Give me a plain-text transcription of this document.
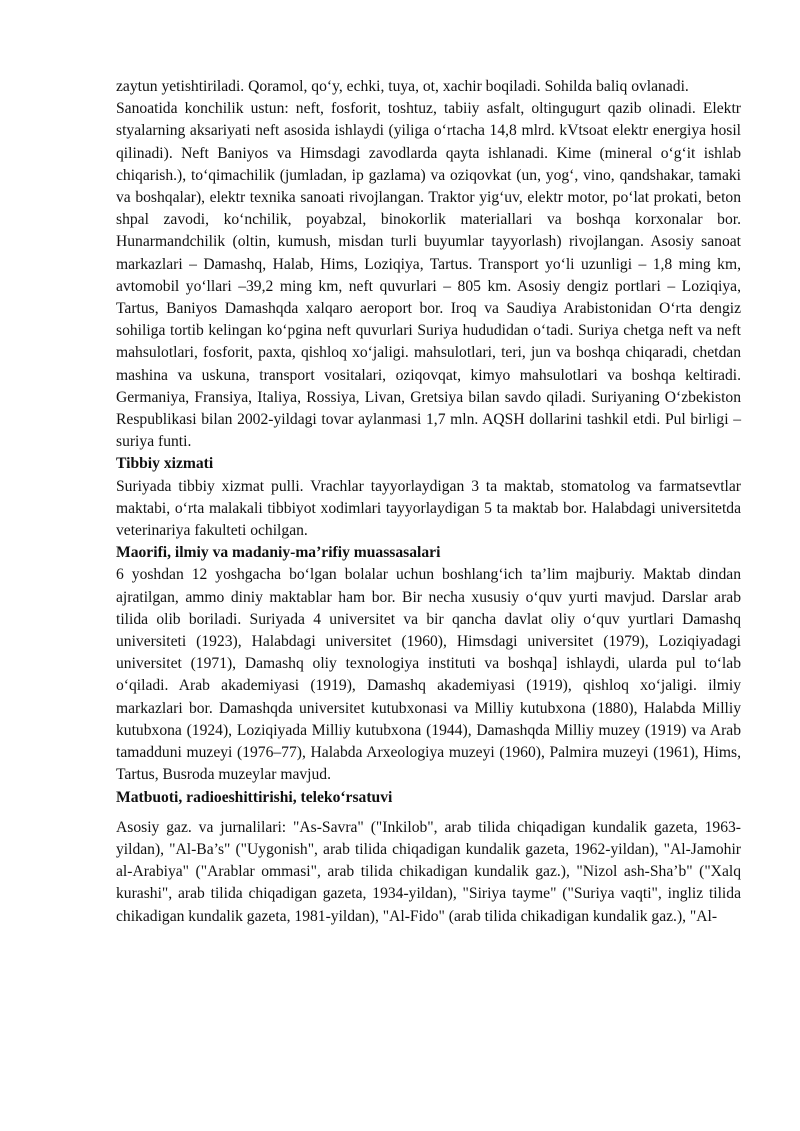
zaytun yetishtiriladi. Qoramol, qo‘y, echki, tuya, ot, xachir boqiladi. Sohilda baliq ovlanadi.

Sanoatida konchilik ustun: neft, fosforit, toshtuz, tabiiy asfalt, oltingugurt qazib olinadi. Elektr styalarning aksariyati neft asosida ishlaydi (yiliga o‘rtacha 14,8 mlrd. kVtsoat elektr energiya hosil qilinadi). Neft Baniyos va Himsdagi zavodlarda qayta ishlanadi. Kime (mineral o‘g‘it ishlab chiqarish.), to‘qimachilik (jumladan, ip gazlama) va oziqovkat (un, yog‘, vino, qandshakar, tamaki va boshqalar), elektr texnika sanoati rivojlangan. Traktor yig‘uv, elektr motor, po‘lat prokati, beton shpal zavodi, ko‘nchilik, poyabzal, binokorlik materiallari va boshqa korxonalar bor. Hunarmandchilik (oltin, kumush, misdan turli buyumlar tayyorlash) rivojlangan. Asosiy sanoat markazlari – Damashq, Halab, Hims, Loziqiya, Tartus. Transport yo‘li uzunligi – 1,8 ming km, avtomobil yo‘llari –39,2 ming km, neft quvurlari – 805 km. Asosiy dengiz portlari – Loziqiya, Tartus, Baniyos Damashqda xalqaro aeroport bor. Iroq va Saudiya Arabistonidan O‘rta dengiz sohiliga tortib kelingan ko‘pgina neft quvurlari Suriya hududidan o‘tadi. Suriya chetga neft va neft mahsulotlari, fosforit, paxta, qishloq xo‘jaligi. mahsulotlari, teri, jun va boshqa chiqaradi, chetdan mashina va uskuna, transport vositalari, oziqovqat, kimyo mahsulotlari va boshqa keltiradi. Germaniya, Fransiya, Italiya, Rossiya, Livan, Gretsiya bilan savdo qiladi. Suriyaning O‘zbekiston Respublikasi bilan 2002-yildagi tovar aylanmasi 1,7 mln. AQSH dollarini tashkil etdi. Pul birligi – suriya funti.

Tibbiy xizmati

Suriyada tibbiy xizmat pulli. Vrachlar tayyorlaydigan 3 ta maktab, stomatolog va farmatsevtlar maktabi, o‘rta malakali tibbiyot xodimlari tayyorlaydigan 5 ta maktab bor. Halabdagi universitetda veterinariya fakulteti ochilgan.

Maorifi, ilmiy va madaniy-ma’rifiy muassasalari

6 yoshdan 12 yoshgacha bo‘lgan bolalar uchun boshlang‘ich ta’lim majburiy. Maktab dindan ajratilgan, ammo diniy maktablar ham bor. Bir necha xususiy o‘quv yurti mavjud. Darslar arab tilida olib boriladi. Suriyada 4 universitet va bir qancha davlat oliy o‘quv yurtlari Damashq universiteti (1923), Halabdagi universitet (1960), Himsdagi universitet (1979), Loziqiyadagi universitet (1971), Damashq oliy texnologiya instituti va boshqa] ishlaydi, ularda pul to‘lab o‘qiladi. Arab akademiyasi (1919), Damashq akademiyasi (1919), qishloq xo‘jaligi. ilmiy markazlari bor. Damashqda universitet kutubxonasi va Milliy kutubxona (1880), Halabda Milliy kutubxona (1924), Loziqiyada Milliy kutubxona (1944), Damashqda Milliy muzey (1919) va Arab tamadduni muzeyi (1976–77), Halabda Arxeologiya muzeyi (1960), Palmira muzeyi (1961), Hims, Tartus, Busroda muzeylar mavjud.

Matbuoti, radioeshittirishi, teleko‘rsatuvi

Asosiy gaz. va jurnalilari: "As-Savra" ("Inkilob", arab tilida chiqadigan kundalik gazeta, 1963-yildan), "Al-Ba’s" ("Uygonish", arab tilida chiqadigan kundalik gazeta, 1962-yildan), "Al-Jamohir al-Arabiya" ("Arablar ommasi", arab tilida chikadigan kundalik gaz.), "Nizol ash-Sha’b" ("Xalq kurashi", arab tilida chiqadigan gazeta, 1934-yildan), "Siriya tayme" ("Suriya vaqti", ingliz tilida chikadigan kundalik gazeta, 1981-yildan), "Al-Fido" (arab tilida chikadigan kundalik gaz.), "Al-
